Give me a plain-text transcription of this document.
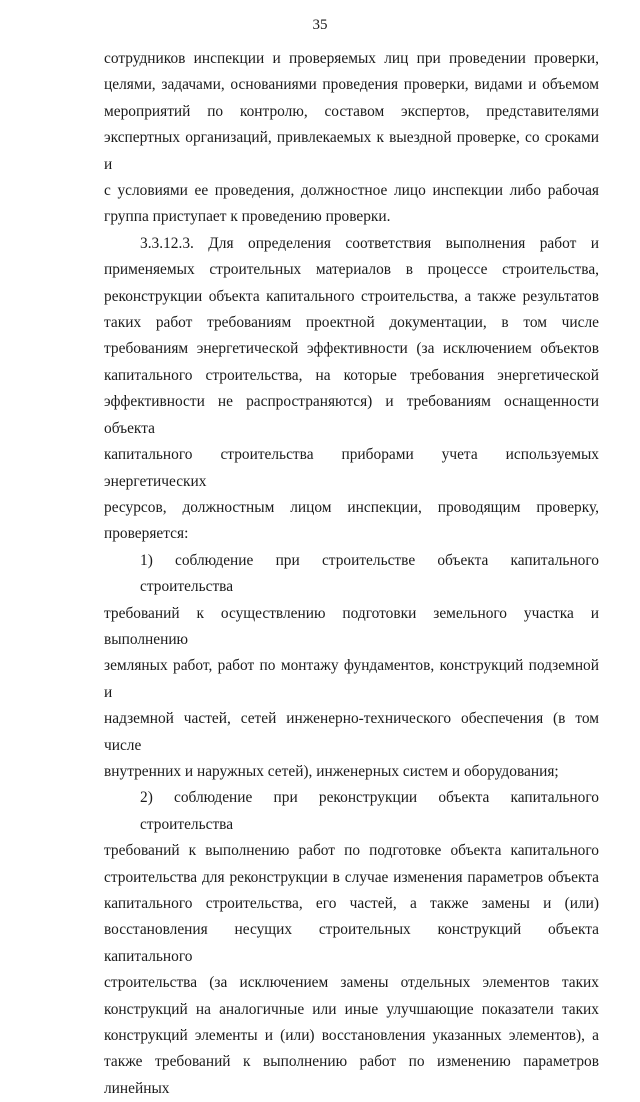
35

сотрудников инспекции и проверяемых лиц при проведении проверки,
целями, задачами, основаниями проведения проверки, видами и объемом
мероприятий по контролю, составом экспертов, представителями
экспертных организаций, привлекаемых к выездной проверке, со сроками и
с условиями ее проведения, должностное лицо инспекции либо рабочая
группа приступает к проведению проверки.

3.3.12.3. Для определения соответствия выполнения работ и
применяемых строительных материалов в процессе строительства,
реконструкции объекта капитального строительства, а также результатов
таких работ требованиям проектной документации, в том числе
требованиям энергетической эффективности (за исключением объектов
капитального строительства, на которые требования энергетической
эффективности не распространяются) и требованиям оснащенности объекта
капитального строительства приборами учета используемых энергетических
ресурсов, должностным лицом инспекции, проводящим проверку,
проверяется:

1) соблюдение при строительстве объекта капитального строительства
требований к осуществлению подготовки земельного участка и выполнению
земляных работ, работ по монтажу фундаментов, конструкций подземной и
надземной частей, сетей инженерно-технического обеспечения (в том числе
внутренних и наружных сетей), инженерных систем и оборудования;

2) соблюдение при реконструкции объекта капитального строительства
требований к выполнению работ по подготовке объекта капитального
строительства для реконструкции в случае изменения параметров объекта
капитального строительства, его частей, а также замены и (или)
восстановления несущих строительных конструкций объекта капитального
строительства (за исключением замены отдельных элементов таких
конструкций на аналогичные или иные улучшающие показатели таких
конструкций элементы и (или) восстановления указанных элементов), а
также требований к выполнению работ по изменению параметров линейных
